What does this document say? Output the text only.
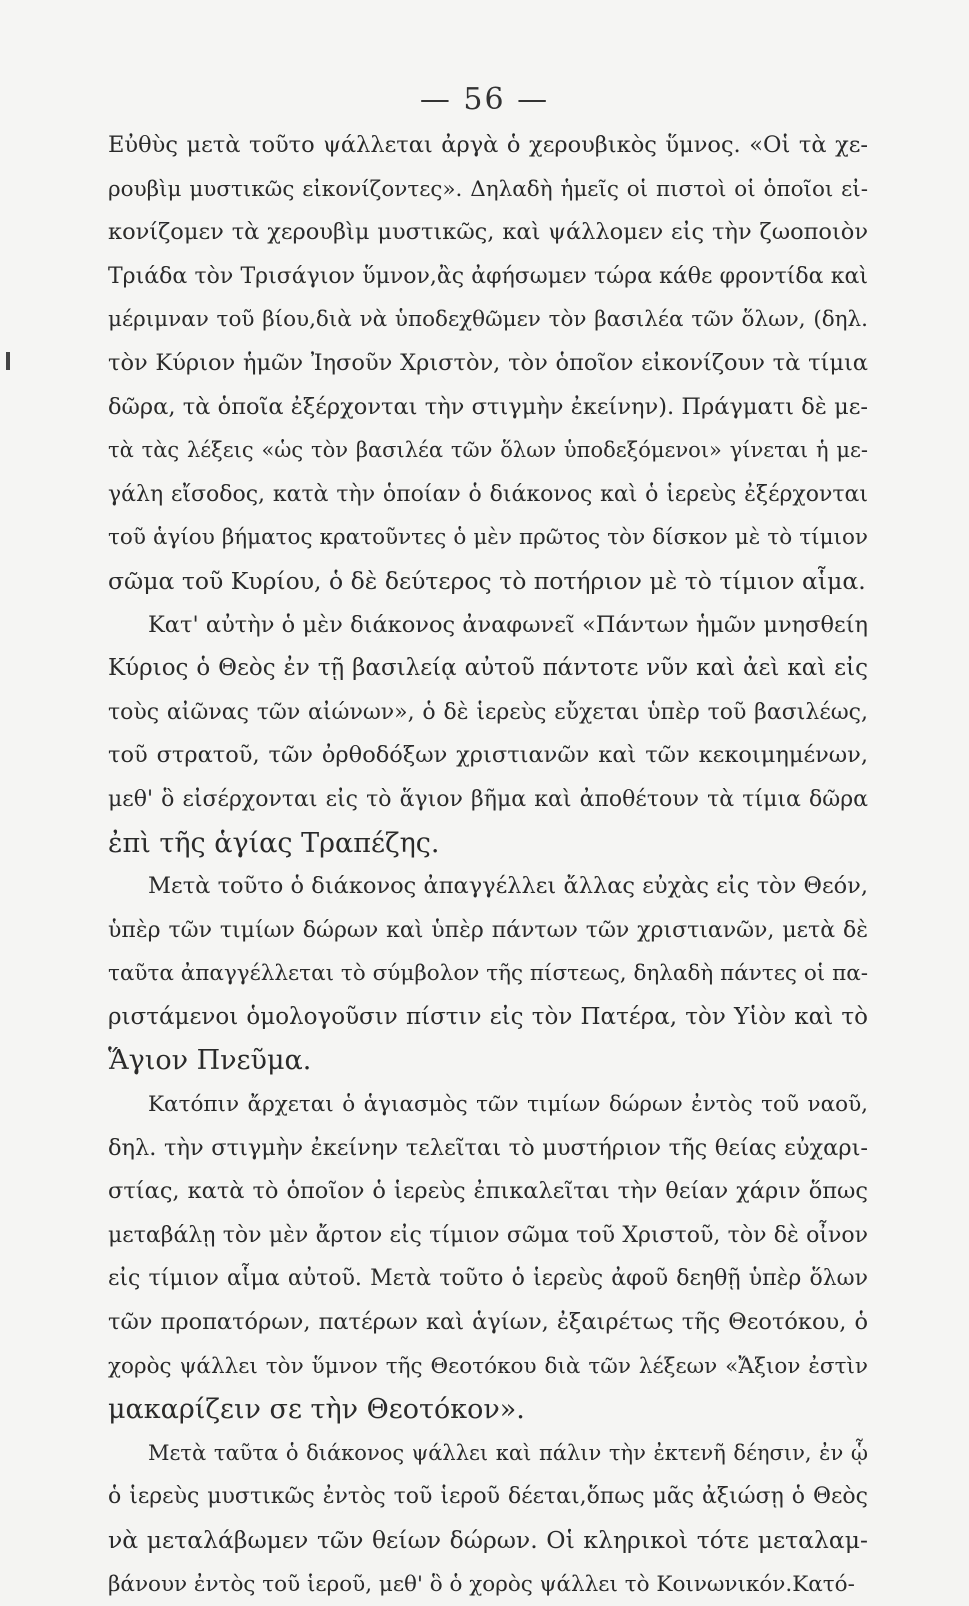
— 56 —
Εὐθὺς μετὰ τοῦτο ψάλλεται ἀργὰ ὁ χερουβικὸς ὕμνος. «Οἱ τὰ χε-
ρουβὶμ μυστικῶς εἰκονίζοντες». Δηλαδὴ ἡμεῖς οἱ πιστοὶ οἱ ὁποῖοι εἰ-
κονίζομεν τὰ χερουβὶμ μυστικῶς, καὶ ψάλλομεν εἰς τὴν ζωοποιὸν
Τριάδα τὸν Τρισάγιον ὕμνον,ἂς ἀφήσωμεν τώρα κάθε φροντίδα καὶ
μέριμναν τοῦ βίου,διὰ νὰ ὑποδεχθῶμεν τὸν βασιλέα τῶν ὅλων, (δηλ.
τὸν Κύριον ἡμῶν Ἰησοῦν Χριστὸν, τὸν ὁποῖον εἰκονίζουν τὰ τίμια
δῶρα, τὰ ὁποῖα ἐξέρχονται τὴν στιγμὴν ἐκείνην). Πράγματι δὲ με-
τὰ τὰς λέξεις «ὡς τὸν βασιλέα τῶν ὅλων ὑποδεξόμενοι» γίνεται ἡ με-
γάλη εἴσοδος, κατὰ τὴν ὁποίαν ὁ διάκονος καὶ ὁ ἱερεὺς ἐξέρχονται
τοῦ ἁγίου βήματος κρατοῦντες ὁ μὲν πρῶτος τὸν δίσκον μὲ τὸ τίμιον
σῶμα τοῦ Κυρίου, ὁ δὲ δεύτερος τὸ ποτήριον μὲ τὸ τίμιον αἷμα.
Κατ' αὐτὴν ὁ μὲν διάκονος ἀναφωνεῖ «Πάντων ἡμῶν μνησθείη
Κύριος ὁ Θεὸς ἐν τῇ βασιλείᾳ αὐτοῦ πάντοτε νῦν καὶ ἀεὶ καὶ εἰς
τοὺς αἰῶνας τῶν αἰώνων», ὁ δὲ ἱερεὺς εὔχεται ὑπὲρ τοῦ βασιλέως,
τοῦ στρατοῦ, τῶν ὀρθοδόξων χριστιανῶν καὶ τῶν κεκοιμημένων,
μεθ' ὃ εἰσέρχονται εἰς τὸ ἅγιον βῆμα καὶ ἀποθέτουν τὰ τίμια δῶρα
ἐπὶ τῆς ἁγίας Τραπέζης.
Μετὰ τοῦτο ὁ διάκονος ἀπαγγέλλει ἄλλας εὐχὰς εἰς τὸν Θεόν,
ὑπὲρ τῶν τιμίων δώρων καὶ ὑπὲρ πάντων τῶν χριστιανῶν, μετὰ δὲ
ταῦτα ἀπαγγέλλεται τὸ σύμβολον τῆς πίστεως, δηλαδὴ πάντες οἱ πα-
ριστάμενοι ὁμολογοῦσιν πίστιν εἰς τὸν Πατέρα, τὸν Υἱὸν καὶ τὸ
Ἅγιον Πνεῦμα.
Κατόπιν ἄρχεται ὁ ἁγιασμὸς τῶν τιμίων δώρων ἐντὸς τοῦ ναοῦ,
δηλ. τὴν στιγμὴν ἐκείνην τελεῖται τὸ μυστήριον τῆς θείας εὐχαρι-
στίας, κατὰ τὸ ὁποῖον ὁ ἱερεὺς ἐπικαλεῖται τὴν θείαν χάριν ὅπως
μεταβάλῃ τὸν μὲν ἄρτον εἰς τίμιον σῶμα τοῦ Χριστοῦ, τὸν δὲ οἶνον
εἰς τίμιον αἷμα αὐτοῦ. Μετὰ τοῦτο ὁ ἱερεὺς ἀφοῦ δεηθῇ ὑπὲρ ὅλων
τῶν προπατόρων, πατέρων καὶ ἁγίων, ἐξαιρέτως τῆς Θεοτόκου, ὁ
χορὸς ψάλλει τὸν ὕμνον τῆς Θεοτόκου διὰ τῶν λέξεων «Ἄξιον ἐστὶν
μακαρίζειν σε τὴν Θεοτόκον».
Μετὰ ταῦτα ὁ διάκονος ψάλλει καὶ πάλιν τὴν ἐκτενῆ δέησιν, ἐν ᾧ
ὁ ἱερεὺς μυστικῶς ἐντὸς τοῦ ἱεροῦ δέεται,ὅπως μᾶς ἀξιώσῃ ὁ Θεὸς
νὰ μεταλάβωμεν τῶν θείων δώρων. Οἱ κληρικοὶ τότε μεταλαμ-
βάνουν ἐντὸς τοῦ ἱεροῦ, μεθ' ὃ ὁ χορὸς ψάλλει τὸ Κοινωνικόν.Κατό-
